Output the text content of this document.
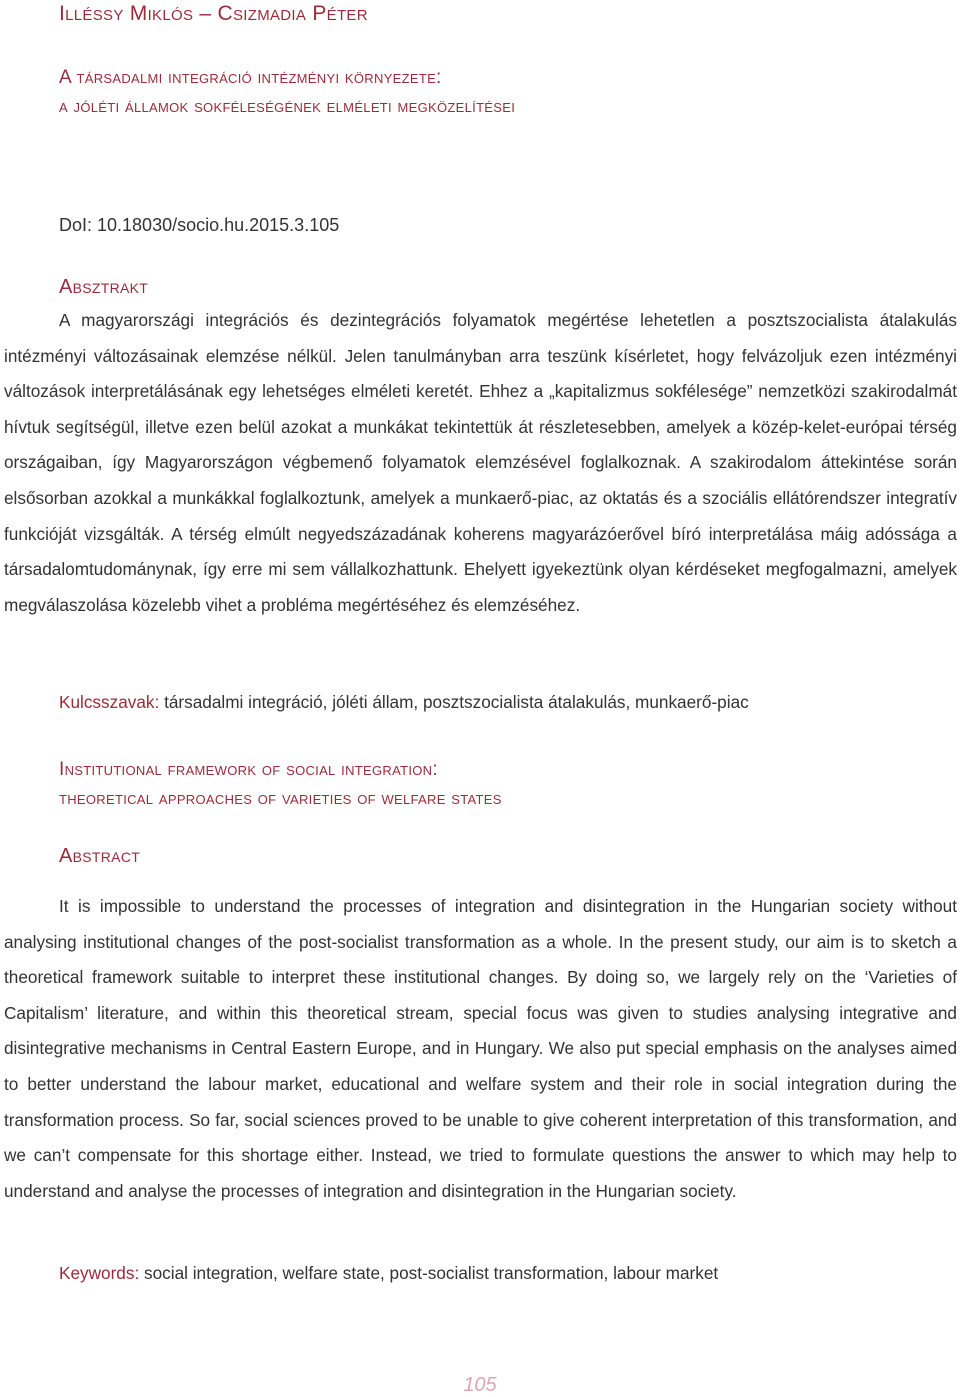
Illéssy Miklós – Csizmadia Péter
A társadalmi integráció intézményi környezete:
a jóléti államok sokféleségének elméleti megközelítései
DoI: 10.18030/socio.hu.2015.3.105
Absztrakt

A magyarországi integrációs és dezintegrációs folyamatok megértése lehetetlen a posztszocialista átalakulás intézményi változásainak elemzése nélkül. Jelen tanulmányban arra teszünk kísérletet, hogy felvázoljuk ezen intézményi változások interpretálásának egy lehetséges elméleti keretét. Ehhez a „kapitalizmus sokfélesége” nemzetközi szakirodalmát hívtuk segítségül, illetve ezen belül azokat a munkákat tekintettük át részletesebben, amelyek a közép-kelet-európai térség országaiban, így Magyarországon végbemenő folyamatok elemzésével foglalkoznak. A szakirodalom áttekintése során elsősorban azokkal a munkákkal foglalkoztunk, amelyek a munkaerő-piac, az oktatás és a szociális ellátórendszer integratív funkcióját vizsgálták. A térség elmúlt negyedszázadának koherens magyarázóerővel bíró interpretálása máig adóssága a társadalomtudománynak, így erre mi sem vállalkozhattunk. Ehelyett igyekeztünk olyan kérdéseket megfogalmazni, amelyek megválaszolása közelebb vihet a probléma megértéséhez és elemzéséhez.

Kulcsszavak: társadalmi integráció, jóléti állam, posztszocialista átalakulás, munkaerő-piac
Institutional framework of social integration:
theoretical approaches of varieties of welfare states
Abstract

It is impossible to understand the processes of integration and disintegration in the Hungarian society without analysing institutional changes of the post-socialist transformation as a whole. In the present study, our aim is to sketch a theoretical framework suitable to interpret these institutional changes. By doing so, we largely rely on the ‘Varieties of Capitalism’ literature, and within this theoretical stream, special focus was given to studies analysing integrative and disintegrative mechanisms in Central Eastern Europe, and in Hungary. We also put special emphasis on the analyses aimed to better understand the labour market, educational and welfare system and their role in social integration during the transformation process. So far, social sciences proved to be unable to give coherent interpretation of this transformation, and we can’t compensate for this shortage either. Instead, we tried to formulate questions the answer to which may help to understand and analyse the processes of integration and disintegration in the Hungarian society.

Keywords: social integration, welfare state, post-socialist transformation, labour market
105
